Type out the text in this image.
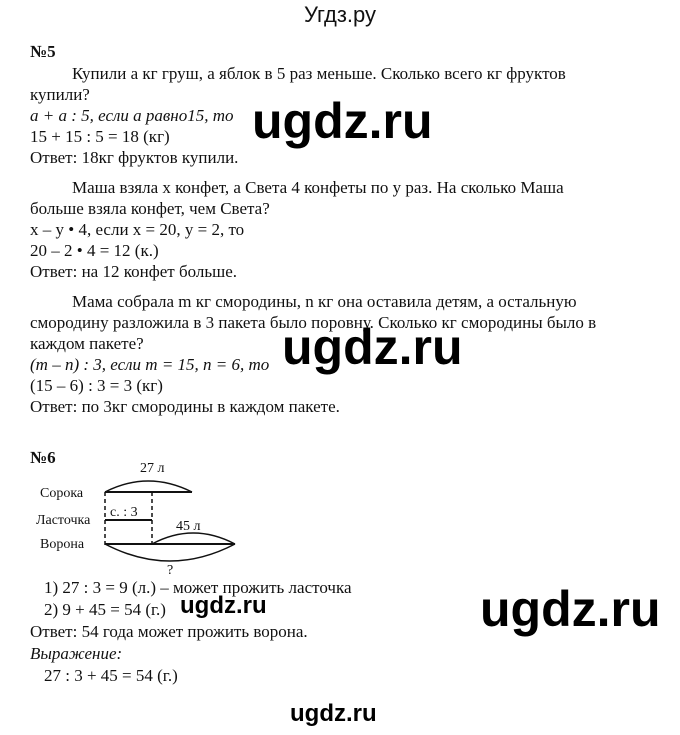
Угдз.ру
№5
Купили а кг груш, а яблок в 5 раз меньше. Сколько всего кг фруктов
купили?
а + а : 5, если а равно15, то
15 + 15 : 5 = 18 (кг)
Ответ: 18кг фруктов купили.
Маша взяла x конфет, а Света 4 конфеты по y раз. На сколько Маша
больше взяла конфет, чем Света?
x – y • 4, если x = 20, y = 2, то
20 – 2 • 4 = 12 (к.)
Ответ: на 12 конфет больше.
Мама собрала m кг смородины, n кг она оставила детям, а остальную
смородину разложила в 3 пакета было поровну. Сколько кг смородины было в
каждом пакете?
(m – n) : 3, если m = 15, n = 6, то
(15 – 6) : 3 = 3 (кг)
Ответ: по 3кг смородины в каждом пакете.
№6
27 л
Сорока
Ласточка
Ворона
с. : 3
45 л
?
1) 27 : 3 = 9 (л.) – может прожить ласточка
2) 9 + 45 = 54 (г.)
Ответ: 54 года может прожить ворона.
Выражение:
27 : 3 + 45 = 54 (г.)
ugdz.ru
ugdz.ru
ugdz.ru
ugdz.ru
ugdz.ru
